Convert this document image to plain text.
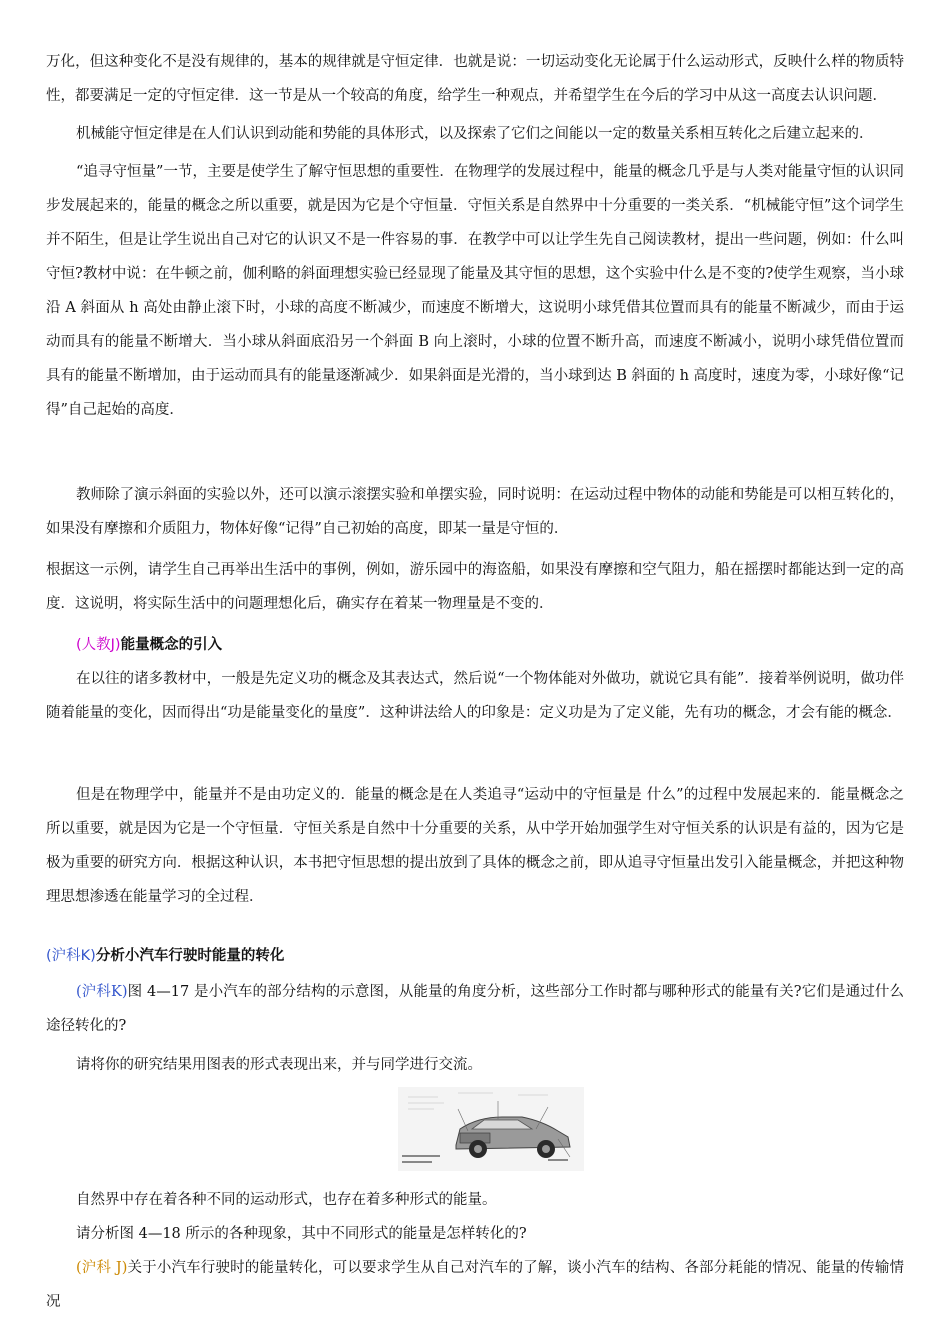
万化，但这种变化不是没有规律的，基本的规律就是守恒定律．也就是说：一切运动变化无论属于什么运动形式，反映什么样的物质特性，都要满足一定的守恒定律．这一节是从一个较高的角度，给学生一种观点，并希望学生在今后的学习中从这一高度去认识问题．

机械能守恒定律是在人们认识到动能和势能的具体形式，以及探索了它们之间能以一定的数量关系相互转化之后建立起来的．

“追寻守恒量”一节，主要是使学生了解守恒思想的重要性．在物理学的发展过程中，能量的概念几乎是与人类对能量守恒的认识同步发展起来的，能量的概念之所以重要，就是因为它是个守恒量．守恒关系是自然界中十分重要的一类关系．“机械能守恒”这个词学生并不陌生，但是让学生说出自己对它的认识又不是一件容易的事．在教学中可以让学生先自己阅读教材，提出一些问题，例如：什么叫守恒?教材中说：在牛顿之前，伽利略的斜面理想实验已经显现了能量及其守恒的思想，这个实验中什么是不变的?使学生观察，当小球沿 A 斜面从 h 高处由静止滚下时，小球的高度不断减少，而速度不断增大，这说明小球凭借其位置而具有的能量不断减少，而由于运动而具有的能量不断增大．当小球从斜面底沿另一个斜面 B 向上滚时，小球的位置不断升高，而速度不断减小，说明小球凭借位置而具有的能量不断增加，由于运动而具有的能量逐渐减少．如果斜面是光滑的，当小球到达 B 斜面的 h 高度时，速度为零，小球好像“记得”自己起始的高度．

教师除了演示斜面的实验以外，还可以演示滚摆实验和单摆实验，同时说明：在运动过程中物体的动能和势能是可以相互转化的，如果没有摩擦和介质阻力，物体好像“记得”自己初始的高度，即某一量是守恒的．

根据这一示例，请学生自己再举出生活中的事例，例如，游乐园中的海盗船，如果没有摩擦和空气阻力，船在摇摆时都能达到一定的高度．这说明，将实际生活中的问题理想化后，确实存在着某一物理量是不变的．

(人教J)能量概念的引入

在以往的诸多教材中，一般是先定义功的概念及其表达式，然后说“一个物体能对外做功，就说它具有能”．接着举例说明，做功伴随着能量的变化，因而得出“功是能量变化的量度”．这种讲法给人的印象是：定义功是为了定义能，先有功的概念，才会有能的概念．

但是在物理学中，能量并不是由功定义的．能量的概念是在人类追寻“运动中的守恒量是 什么”的过程中发展起来的．能量概念之所以重要，就是因为它是一个守恒量．守恒关系是自然中十分重要的关系，从中学开始加强学生对守恒关系的认识是有益的，因为它是极为重要的研究方向．根据这种认识，本书把守恒思想的提出放到了具体的概念之前，即从追寻守恒量出发引入能量概念，并把这种物理思想渗透在能量学习的全过程．

(沪科K)分析小汽车行驶时能量的转化

(沪科K)图 4—17 是小汽车的部分结构的示意图，从能量的角度分析，这些部分工作时都与哪种形式的能量有关?它们是通过什么途径转化的?

请将你的研究结果用图表的形式表现出来，并与同学进行交流。

自然界中存在着各种不同的运动形式，也存在着多种形式的能量。

请分析图 4—18 所示的各种现象，其中不同形式的能量是怎样转化的?

(沪科 J)关于小汽车行驶时的能量转化，可以要求学生从自己对汽车的了解，谈小汽车的结构、各部分耗能的情况、能量的传输情况
